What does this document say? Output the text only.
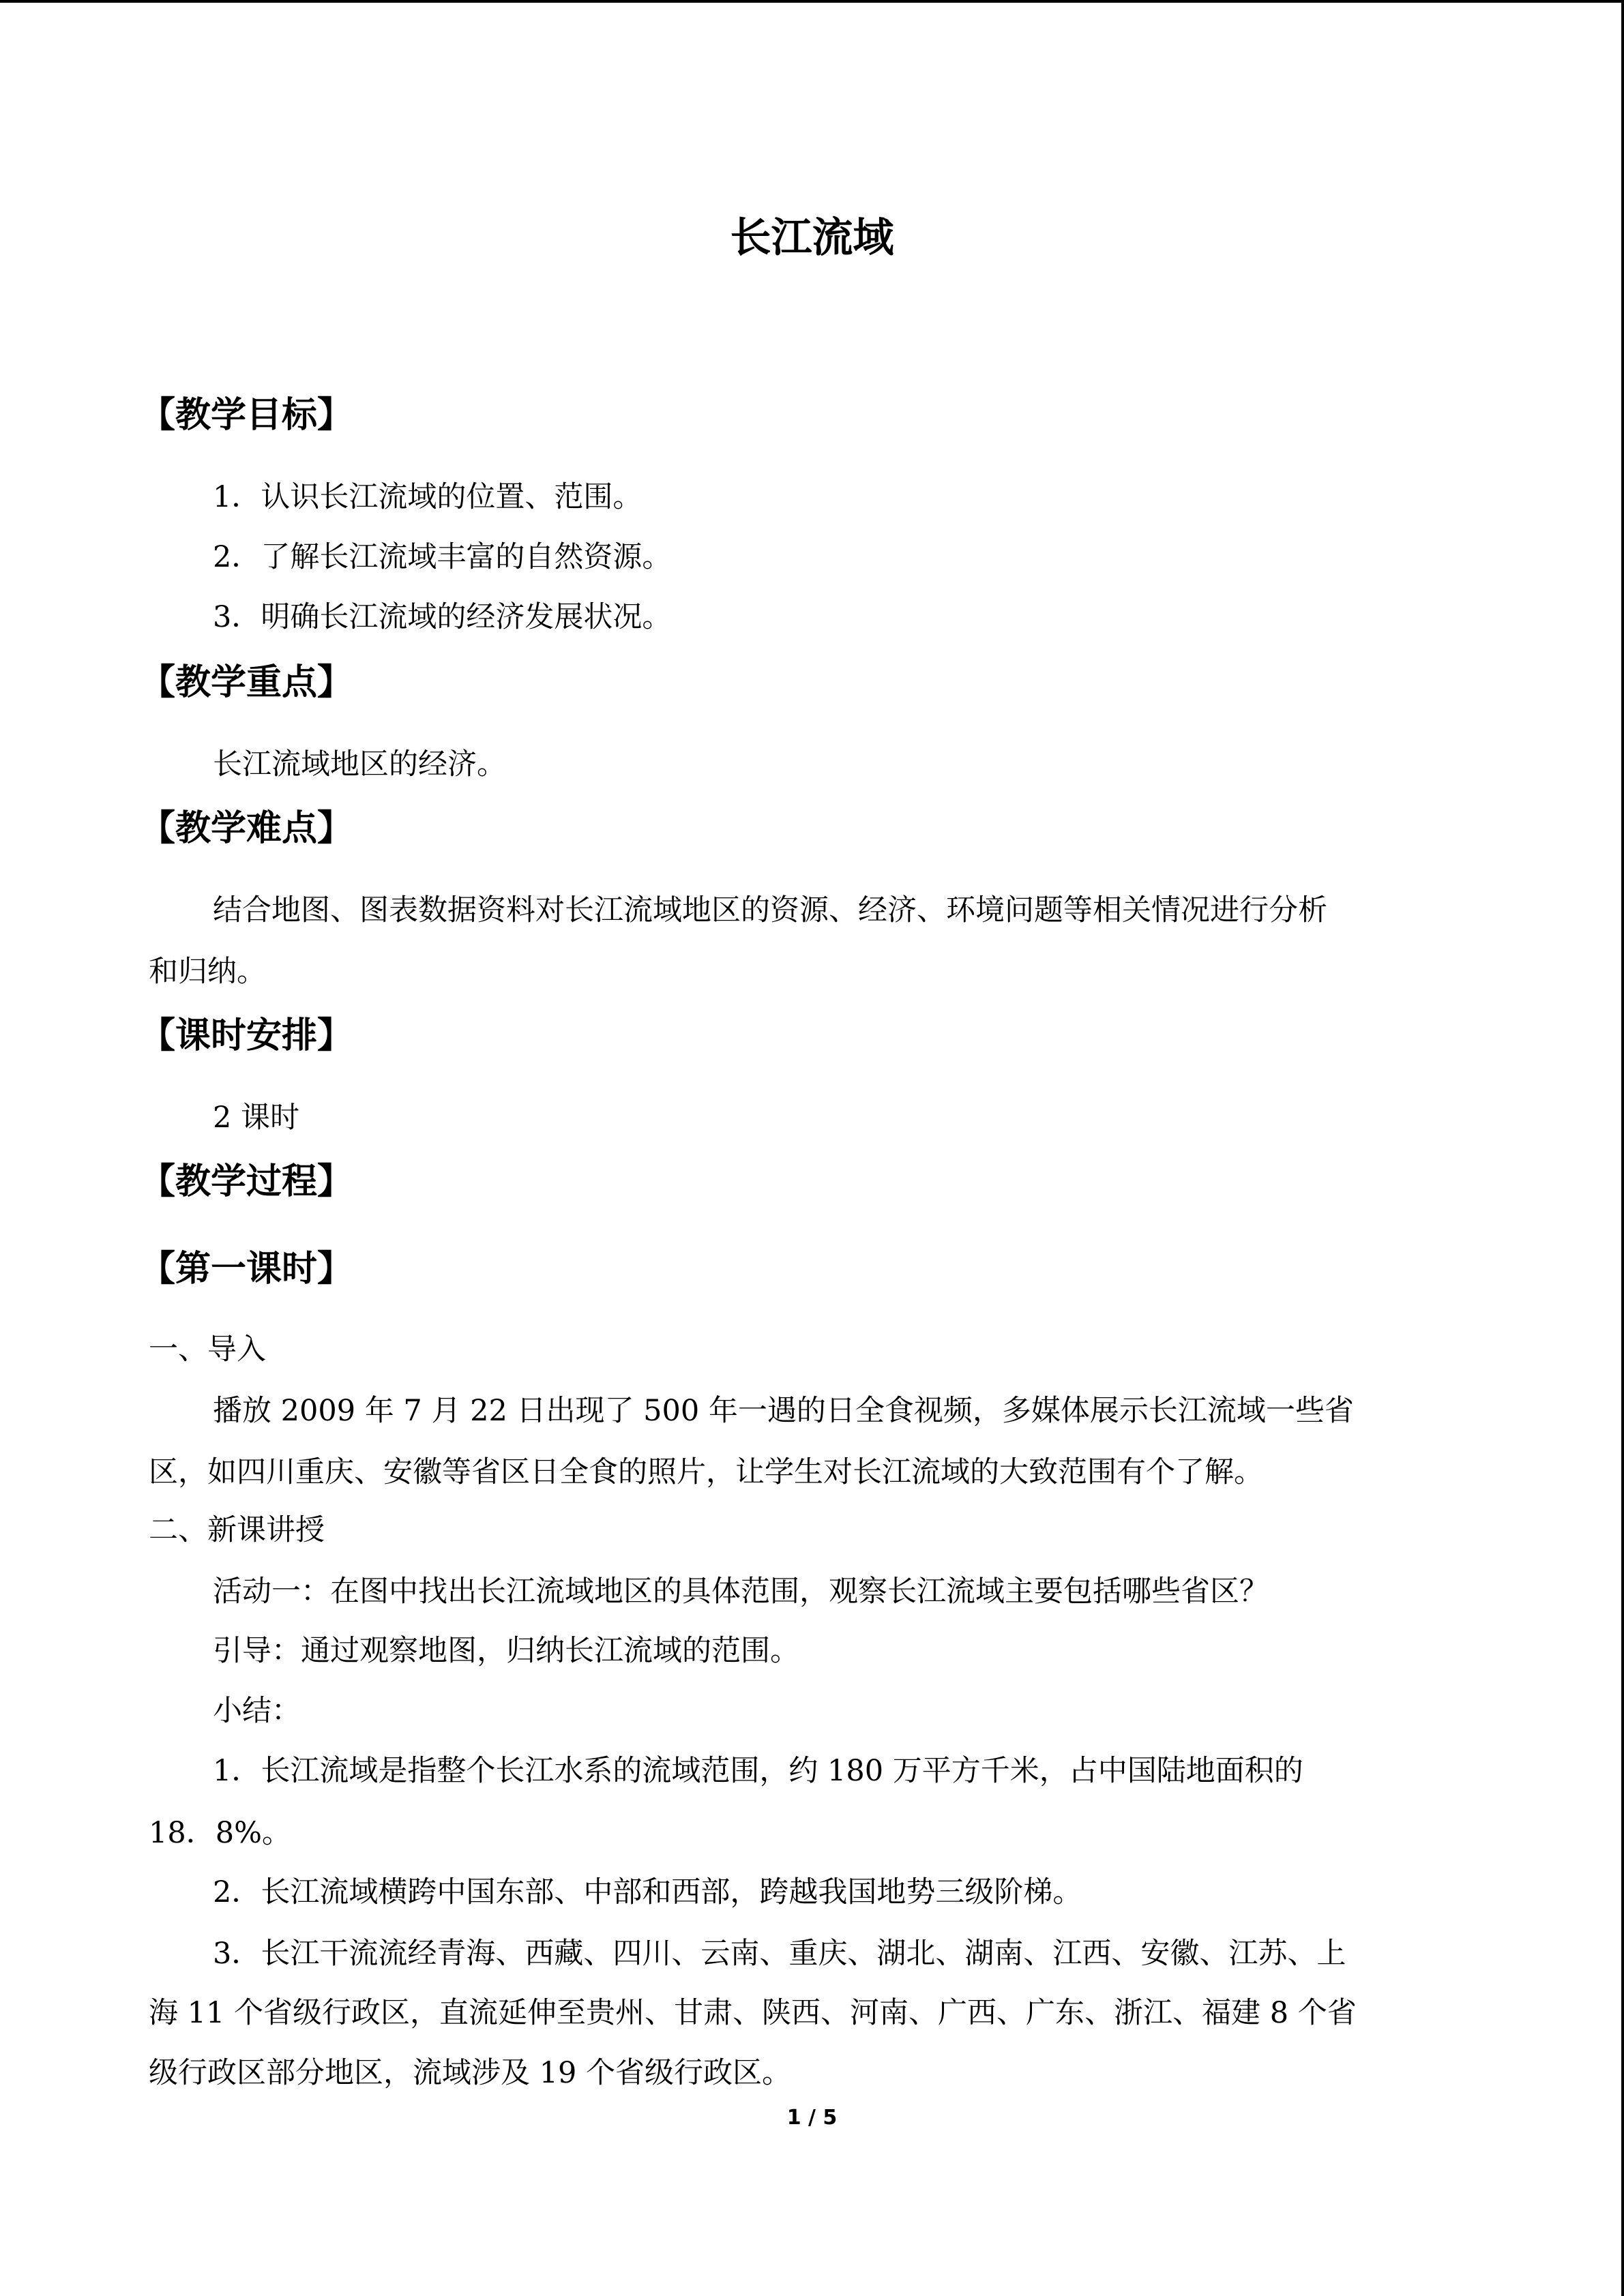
长江流域
【教学目标】

1．认识长江流域的位置、范围。

2．了解长江流域丰富的自然资源。

3．明确长江流域的经济发展状况。

【教学重点】

长江流域地区的经济。

【教学难点】

结合地图、图表数据资料对长江流域地区的资源、经济、环境问题等相关情况进行分析

和归纳。

【课时安排】

2 课时

【教学过程】
【第一课时】

一、导入

播放 2009 年 7 月 22 日出现了 500 年一遇的日全食视频，多媒体展示长江流域一些省

区，如四川重庆、安徽等省区日全食的照片，让学生对长江流域的大致范围有个了解。

二、新课讲授

活动一：在图中找出长江流域地区的具体范围，观察长江流域主要包括哪些省区？

引导：通过观察地图，归纳长江流域的范围。

小结：

1．长江流域是指整个长江水系的流域范围，约 180 万平方千米，占中国陆地面积的

18．8%。

2．长江流域横跨中国东部、中部和西部，跨越我国地势三级阶梯。

3．长江干流流经青海、西藏、四川、云南、重庆、湖北、湖南、江西、安徽、江苏、上

海 11 个省级行政区，直流延伸至贵州、甘肃、陕西、河南、广西、广东、浙江、福建 8 个省

级行政区部分地区，流域涉及 19 个省级行政区。

1 / 5
